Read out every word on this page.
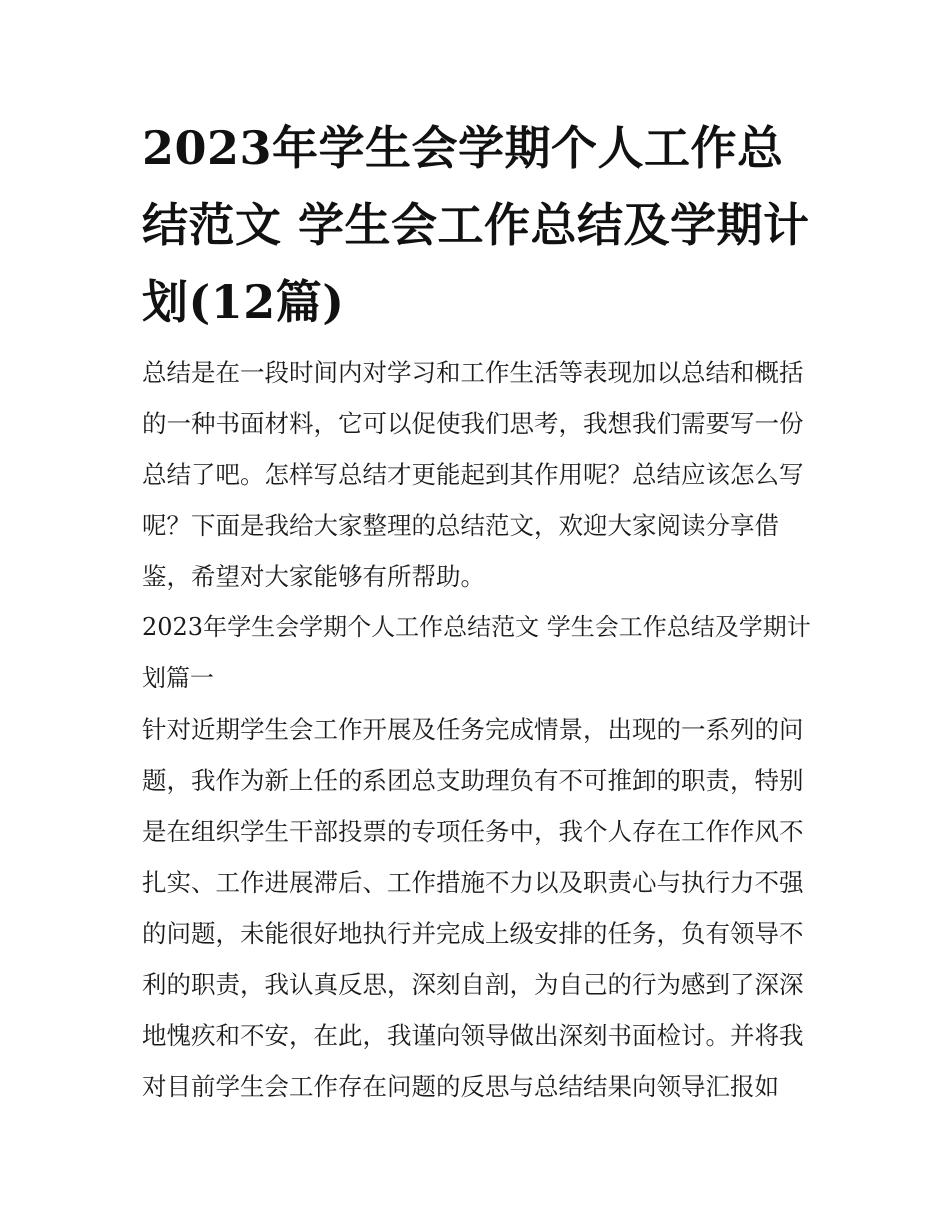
2023年学生会学期个人工作总结范文 学生会工作总结及学期计划(12篇)

总结是在一段时间内对学习和工作生活等表现加以总结和概括的一种书面材料，它可以促使我们思考，我想我们需要写一份总结了吧。怎样写总结才更能起到其作用呢？总结应该怎么写呢？下面是我给大家整理的总结范文，欢迎大家阅读分享借鉴，希望对大家能够有所帮助。

2023年学生会学期个人工作总结范文 学生会工作总结及学期计划篇一

针对近期学生会工作开展及任务完成情景，出现的一系列的问题，我作为新上任的系团总支助理负有不可推卸的职责，特别是在组织学生干部投票的专项任务中，我个人存在工作作风不扎实、工作进展滞后、工作措施不力以及职责心与执行力不强的问题，未能很好地执行并完成上级安排的任务，负有领导不利的职责，我认真反思，深刻自剖，为自己的行为感到了深深地愧疚和不安，在此，我谨向领导做出深刻书面检讨。并将我对目前学生会工作存在问题的反思与总结结果向领导汇报如
